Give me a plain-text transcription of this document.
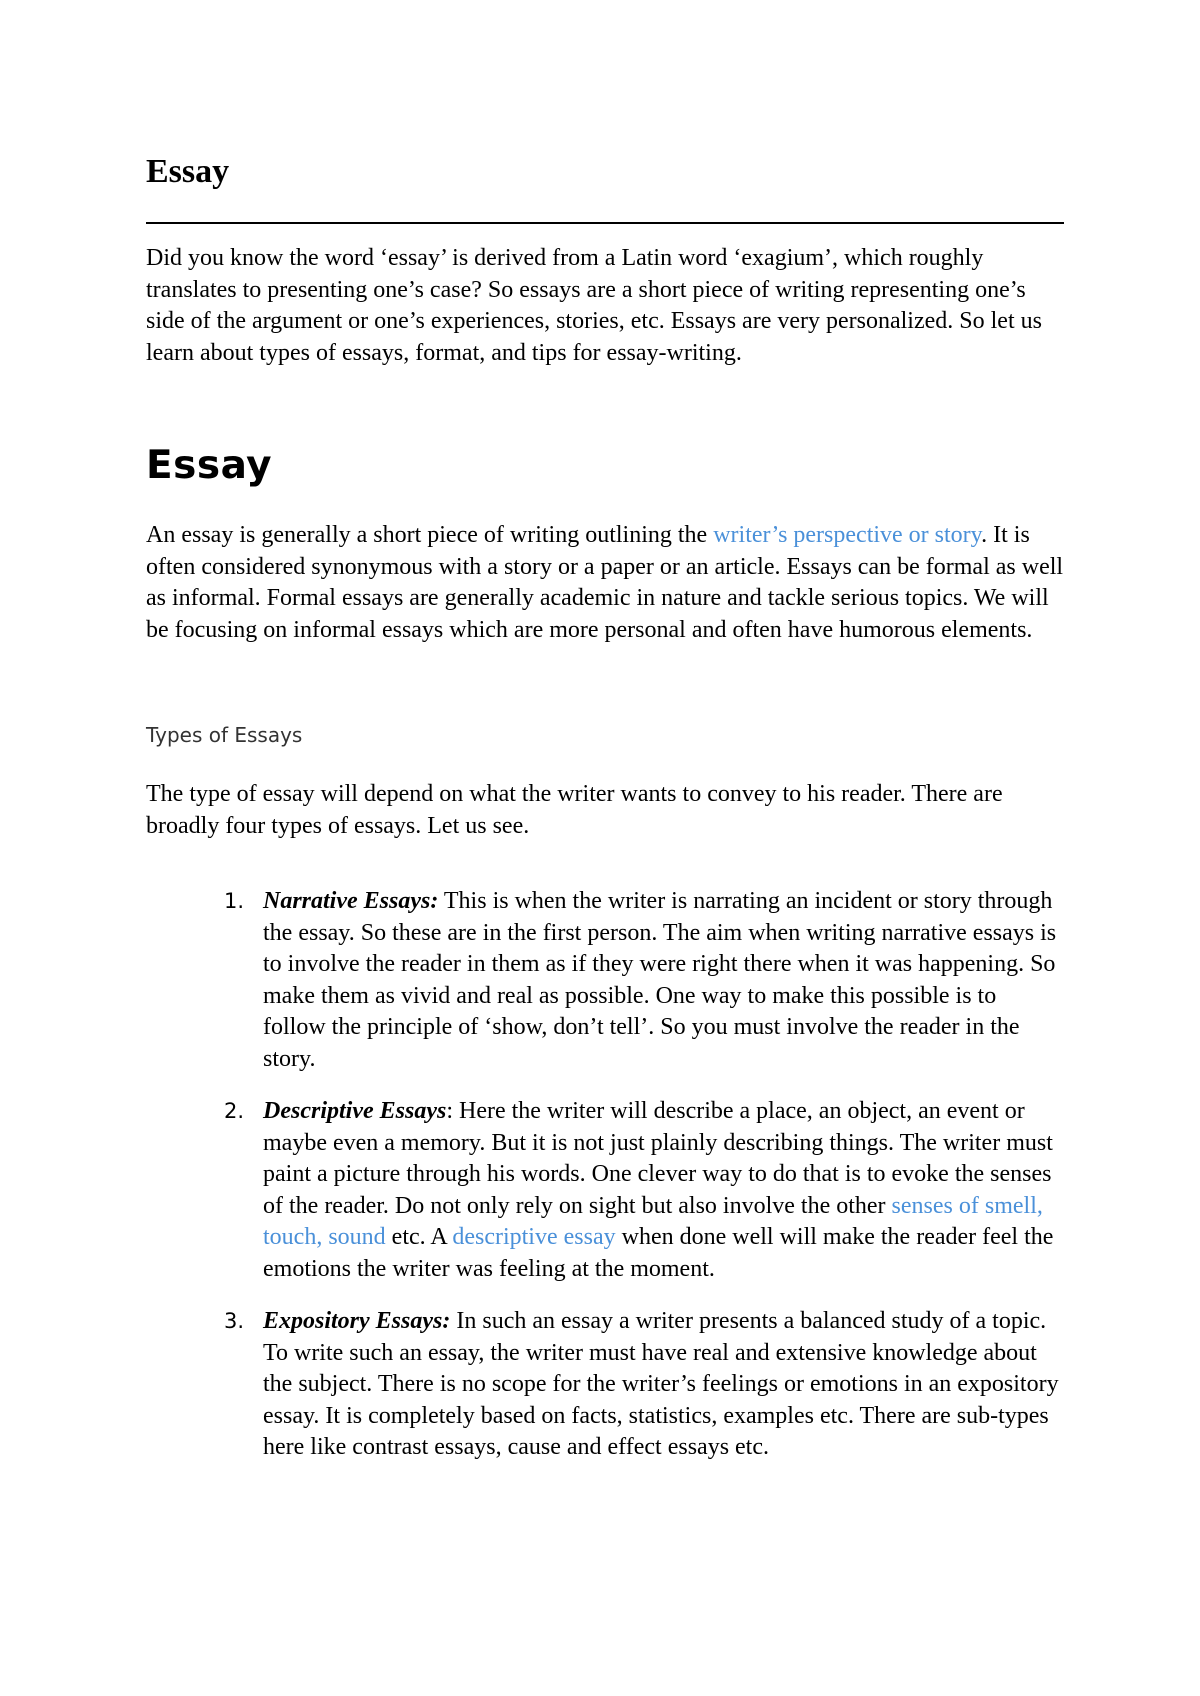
Essay

Did you know the word ‘essay’ is derived from a Latin word ‘exagium’, which roughly translates to presenting one’s case? So essays are a short piece of writing representing one’s side of the argument or one’s experiences, stories, etc. Essays are very personalized. So let us learn about types of essays, format, and tips for essay-writing.

Essay

An essay is generally a short piece of writing outlining the writer’s perspective or story. It is often considered synonymous with a story or a paper or an article. Essays can be formal as well as informal. Formal essays are generally academic in nature and tackle serious topics. We will be focusing on informal essays which are more personal and often have humorous elements.

Types of Essays

The type of essay will depend on what the writer wants to convey to his reader. There are broadly four types of essays. Let us see.

1. Narrative Essays: This is when the writer is narrating an incident or story through the essay. So these are in the first person. The aim when writing narrative essays is to involve the reader in them as if they were right there when it was happening. So make them as vivid and real as possible. One way to make this possible is to follow the principle of ‘show, don’t tell’. So you must involve the reader in the story.
2. Descriptive Essays: Here the writer will describe a place, an object, an event or maybe even a memory. But it is not just plainly describing things. The writer must paint a picture through his words. One clever way to do that is to evoke the senses of the reader. Do not only rely on sight but also involve the other senses of smell, touch, sound etc. A descriptive essay when done well will make the reader feel the emotions the writer was feeling at the moment.
3. Expository Essays: In such an essay a writer presents a balanced study of a topic. To write such an essay, the writer must have real and extensive knowledge about the subject. There is no scope for the writer’s feelings or emotions in an expository essay. It is completely based on facts, statistics, examples etc. There are sub-types here like contrast essays, cause and effect essays etc.
